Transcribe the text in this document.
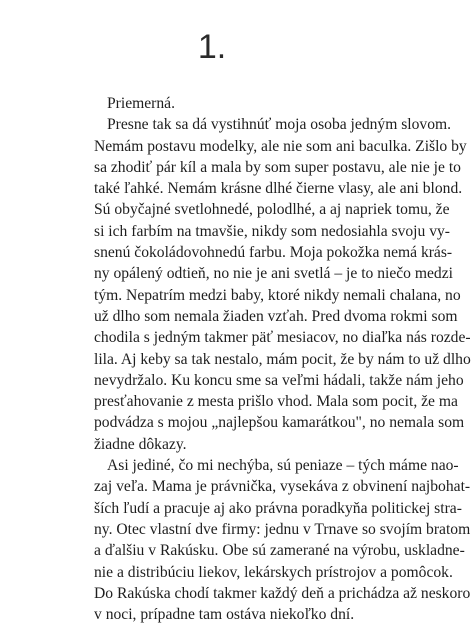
1.
Priemerná.
Presne tak sa dá vystihnúť moja osoba jedným slovom.
Nemám postavu modelky, ale nie som ani baculka. Zišlo by
sa zhodiť pár kíl a mala by som super postavu, ale nie je to
také ľahké. Nemám krásne dlhé čierne vlasy, ale ani blond.
Sú obyčajné svetlohnedé, polodlhé, a aj napriek tomu, že
si ich farbím na tmavšie, nikdy som nedosiahla svoju vy-
snenú čokoládovohnedú farbu. Moja pokožka nemá krás-
ny opálený odtieň, no nie je ani svetlá – je to niečo medzi
tým. Nepatrím medzi baby, ktoré nikdy nemali chalana, no
už dlho som nemala žiaden vzťah. Pred dvoma rokmi som
chodila s jedným takmer päť mesiacov, no diaľka nás rozde-
lila. Aj keby sa tak nestalo, mám pocit, že by nám to už dlho
nevydržalo. Ku koncu sme sa veľmi hádali, takže nám jeho
presťahovanie z mesta prišlo vhod. Mala som pocit, že ma
podvádza s mojou „najlepšou kamarátkou", no nemala som
žiadne dôkazy.
Asi jediné, čo mi nechýba, sú peniaze – tých máme nao-
zaj veľa. Mama je právnička, vysekáva z obvinení najbohat-
ších ľudí a pracuje aj ako právna poradkyňa politickej stra-
ny. Otec vlastní dve firmy: jednu v Trnave so svojím bratom
a ďalšiu v Rakúsku. Obe sú zamerané na výrobu, uskladne-
nie a distribúciu liekov, lekárskych prístrojov a pomôcok.
Do Rakúska chodí takmer každý deň a prichádza až neskoro
v noci, prípadne tam ostáva niekoľko dní.
